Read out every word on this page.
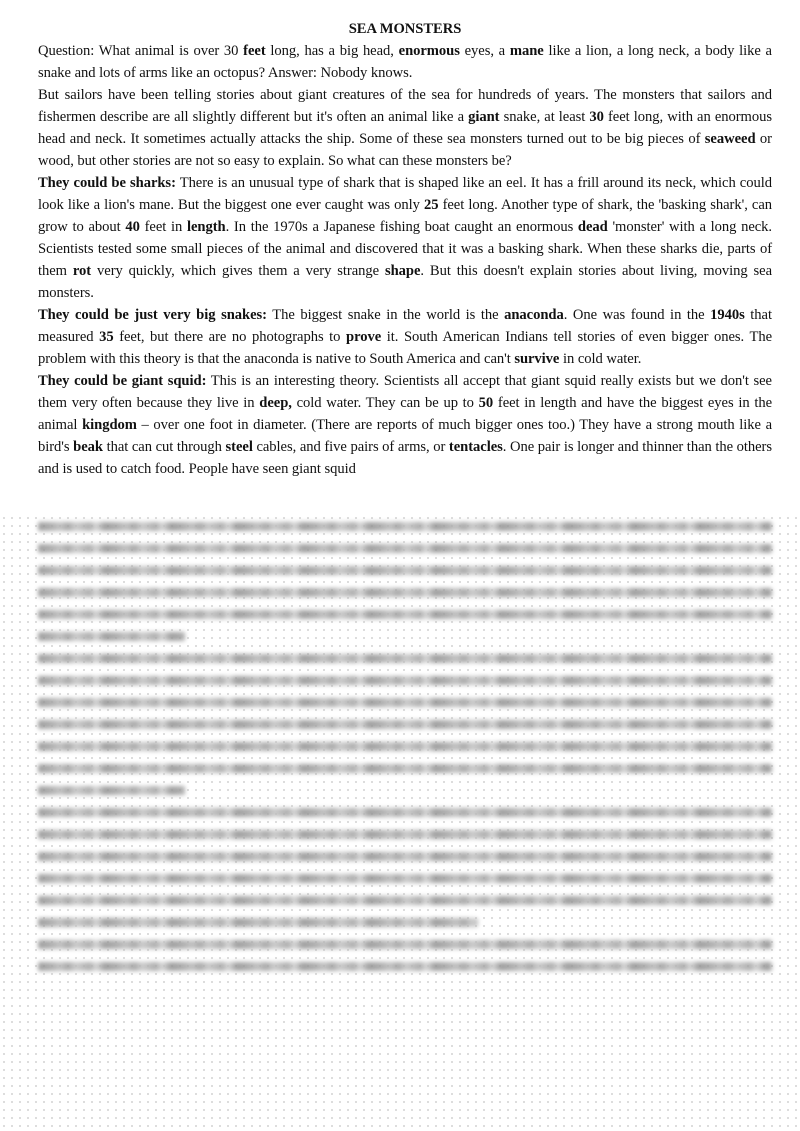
SEA MONSTERS

Question: What animal is over 30 feet long, has a big head, enormous eyes, a mane like a lion, a long neck, a body like a snake and lots of arms like an octopus? Answer: Nobody knows.

But sailors have been telling stories about giant creatures of the sea for hundreds of years. The monsters that sailors and fishermen describe are all slightly different but it's often an animal like a giant snake, at least 30 feet long, with an enormous head and neck. It sometimes actually attacks the ship. Some of these sea monsters turned out to be big pieces of seaweed or wood, but other stories are not so easy to explain. So what can these monsters be?

They could be sharks: There is an unusual type of shark that is shaped like an eel. It has a frill around its neck, which could look like a lion's mane. But the biggest one ever caught was only 25 feet long. Another type of shark, the 'basking shark', can grow to about 40 feet in length. In the 1970s a Japanese fishing boat caught an enormous dead 'monster' with a long neck. Scientists tested some small pieces of the animal and discovered that it was a basking shark. When these sharks die, parts of them rot very quickly, which gives them a very strange shape. But this doesn't explain stories about living, moving sea monsters.

They could be just very big snakes: The biggest snake in the world is the anaconda. One was found in the 1940s that measured 35 feet, but there are no photographs to prove it. South American Indians tell stories of even bigger ones. The problem with this theory is that the anaconda is native to South America and can't survive in cold water.

They could be giant squid: This is an interesting theory. Scientists all accept that giant squid really exists but we don't see them very often because they live in deep, cold water. They can be up to 50 feet in length and have the biggest eyes in the animal kingdom – over one foot in diameter. (There are reports of much bigger ones too.) They have a strong mouth like a bird's beak that can cut through steel cables, and five pairs of arms, or tentacles. One pair is longer and thinner than the others and is used to catch food. People have seen giant squid
